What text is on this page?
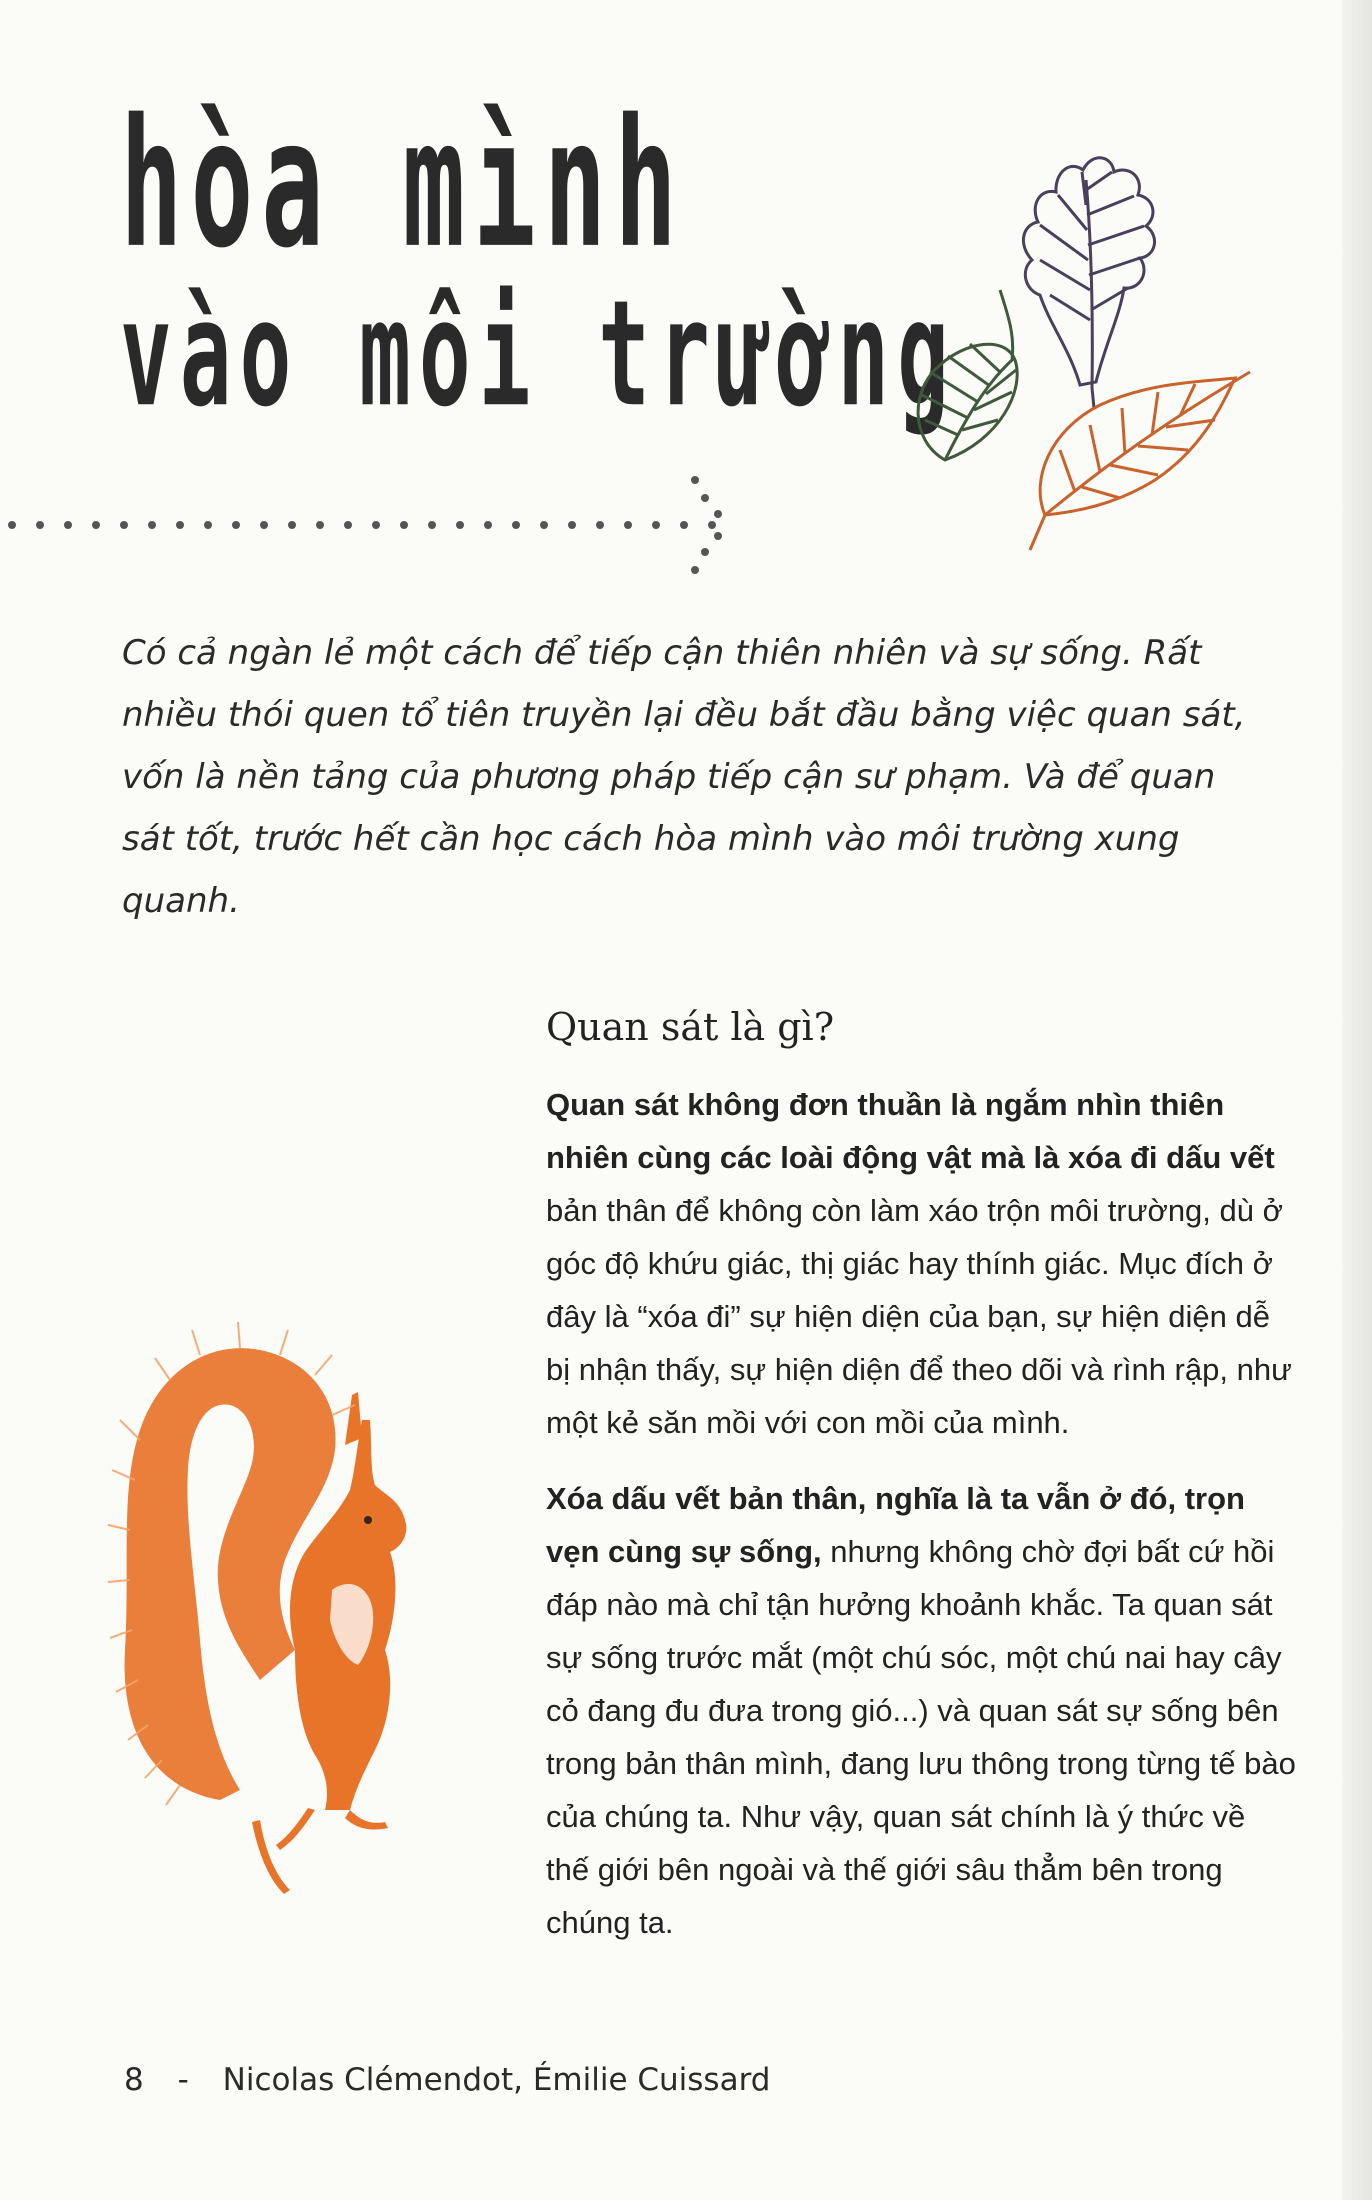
hòa mình
vào môi trường

Có cả ngàn lẻ một cách để tiếp cận thiên nhiên và sự sống. Rất nhiều thói quen tổ tiên truyền lại đều bắt đầu bằng việc quan sát, vốn là nền tảng của phương pháp tiếp cận sư phạm. Và để quan sát tốt, trước hết cần học cách hòa mình vào môi trường xung quanh.

Quan sát là gì?

Quan sát không đơn thuần là ngắm nhìn thiên nhiên cùng các loài động vật mà là xóa đi dấu vết bản thân để không còn làm xáo trộn môi trường, dù ở góc độ khứu giác, thị giác hay thính giác. Mục đích ở đây là “xóa đi” sự hiện diện của bạn, sự hiện diện dễ bị nhận thấy, sự hiện diện để theo dõi và rình rập, như một kẻ săn mồi với con mồi của mình.

Xóa dấu vết bản thân, nghĩa là ta vẫn ở đó, trọn vẹn cùng sự sống, nhưng không chờ đợi bất cứ hồi đáp nào mà chỉ tận hưởng khoảnh khắc. Ta quan sát sự sống trước mắt (một chú sóc, một chú nai hay cây cỏ đang đu đưa trong gió...) và quan sát sự sống bên trong bản thân mình, đang lưu thông trong từng tế bào của chúng ta. Như vậy, quan sát chính là ý thức về thế giới bên ngoài và thế giới sâu thẳm bên trong chúng ta.

8 - Nicolas Clémendot, Émilie Cuissard
